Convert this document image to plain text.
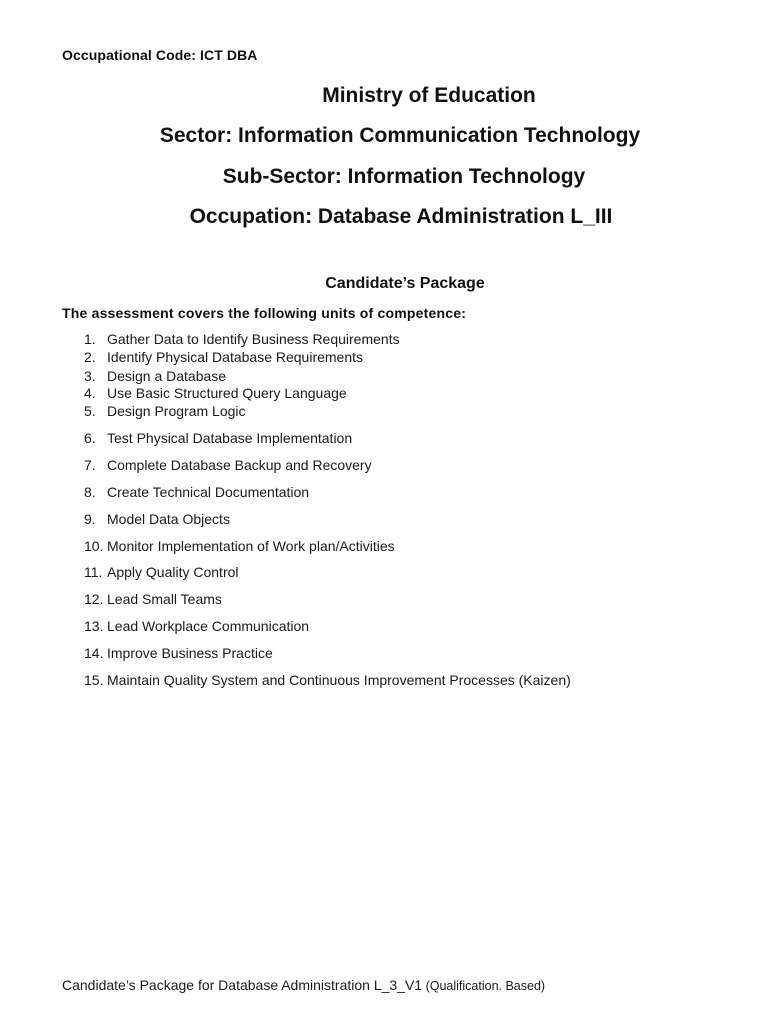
Occupational Code: ICT DBA
Ministry of Education
Sector: Information Communication Technology
Sub-Sector: Information Technology
Occupation: Database Administration L_III
Candidate’s Package
The assessment covers the following units of competence:
1. Gather Data to Identify Business Requirements
2. Identify Physical Database Requirements
3. Design a Database
4. Use Basic Structured Query Language
5. Design Program Logic
6. Test Physical Database Implementation
7. Complete Database Backup and Recovery
8. Create Technical Documentation
9. Model Data Objects
10. Monitor Implementation of Work plan/Activities
11. Apply Quality Control
12. Lead Small Teams
13. Lead Workplace Communication
14. Improve Business Practice
15. Maintain Quality System and Continuous Improvement Processes (Kaizen)
Candidate’s Package for Database Administration L_3_V1 (Qualification. Based)
